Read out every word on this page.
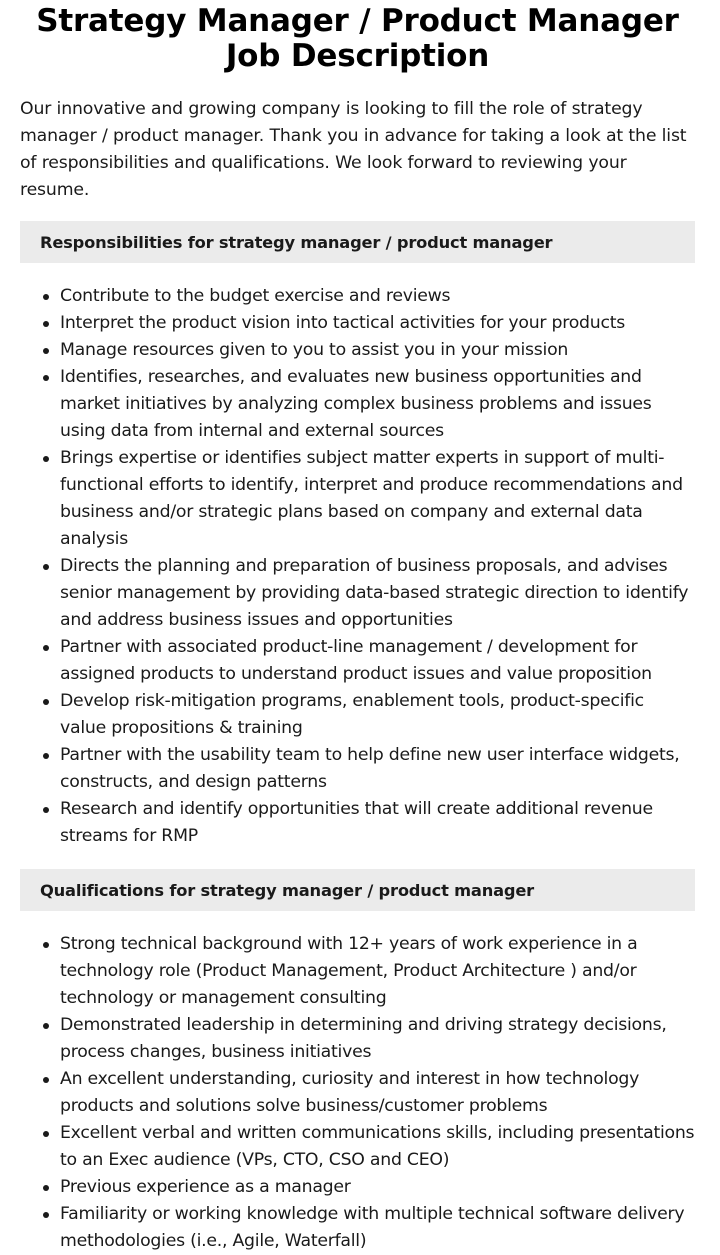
Strategy Manager / Product Manager Job Description

Our innovative and growing company is looking to fill the role of strategy manager / product manager. Thank you in advance for taking a look at the list of responsibilities and qualifications. We look forward to reviewing your resume.

Responsibilities for strategy manager / product manager
Contribute to the budget exercise and reviews
Interpret the product vision into tactical activities for your products
Manage resources given to you to assist you in your mission
Identifies, researches, and evaluates new business opportunities and market initiatives by analyzing complex business problems and issues using data from internal and external sources
Brings expertise or identifies subject matter experts in support of multi-functional efforts to identify, interpret and produce recommendations and business and/or strategic plans based on company and external data analysis
Directs the planning and preparation of business proposals, and advises senior management by providing data-based strategic direction to identify and address business issues and opportunities
Partner with associated product-line management / development for assigned products to understand product issues and value proposition
Develop risk-mitigation programs, enablement tools, product-specific value propositions & training
Partner with the usability team to help define new user interface widgets, constructs, and design patterns
Research and identify opportunities that will create additional revenue streams for RMP
Qualifications for strategy manager / product manager
Strong technical background with 12+ years of work experience in a technology role (Product Management, Product Architecture ) and/or technology or management consulting
Demonstrated leadership in determining and driving strategy decisions, process changes, business initiatives
An excellent understanding, curiosity and interest in how technology products and solutions solve business/customer problems
Excellent verbal and written communications skills, including presentations to an Exec audience (VPs, CTO, CSO and CEO)
Previous experience as a manager
Familiarity or working knowledge with multiple technical software delivery methodologies (i.e., Agile, Waterfall)
